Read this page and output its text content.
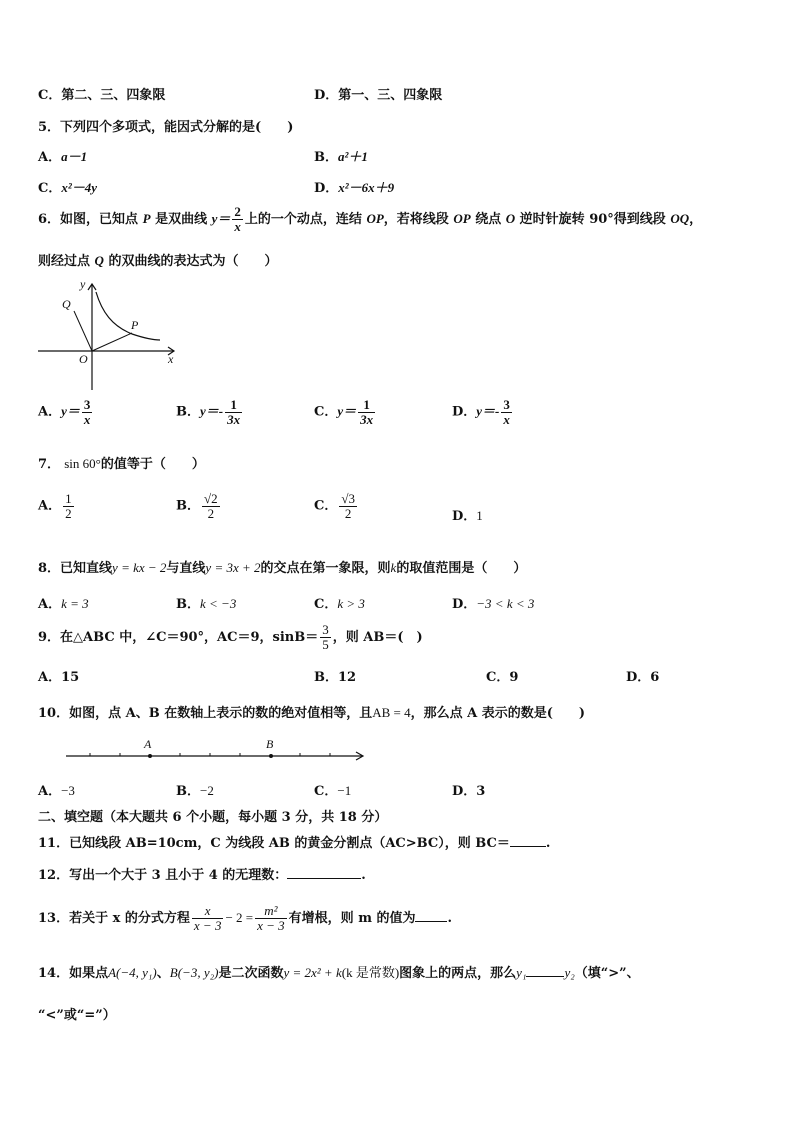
C．第二、三、四象限	D．第一、三、四象限
5．下列四个多项式，能因式分解的是(　　)
A．a－1	B．a²＋1
C．x²－4y	D．x²－6x＋9
6．如图，已知点 P 是双曲线 $y= \frac{2}{x}$ 上的一个动点，连结 OP，若将线段 OP 绕点 O 逆时针旋转 90°得到线段 OQ，
则经过点 Q 的双曲线的表达式为（　　）
y
x
Q
P
O
A．$y= \frac{3}{x}$	B．$y=- \frac{1}{3x}$	C．$y= \frac{1}{3x}$	D．$y=- \frac{3}{x}$
7． sin 60°的值等于（　　）
A． $\frac{1}{2}$	B． $\frac{√2}{2}$	C． $\frac{√3}{2}$	D．1
8．已知直线y = kx − 2与直线y = 3x + 2的交点在第一象限，则k的取值范围是（　　）
A．k = 3	B．k < −3	C．k > 3	D．−3 < k < 3
9．在△ABC 中，∠C＝90°，AC＝9，$\sin B= \frac{3}{5}$ ，则 AB＝(　)
A．15	B．12	C．9	D．6
10．如图，点 A、B 在数轴上表示的数的绝对值相等，且AB = 4，那么点 A 表示的数是(　　)
A	B
A．−3	B．−2	C．−1	D．3
二、填空题（本大题共 6 个小题，每小题 3 分，共 18 分）
11．已知线段 AB=10cm，C 为线段 AB 的黄金分割点（AC>BC），则 BC＝	.
12．写出一个大于 3 且小于 4 的无理数：	.
13．若关于 x 的分式方程 $\frac{x}{x - 3} - 2 = \frac{\text{m²}}{x - 3}$ 有增根，则 m 的值为 .
14．如果点A(−4, y₁)、B(−3, y₂)是二次函数y = 2x² + k(k 是常数)图象上的两点，那么y₁	y₂（填“>”、
“<”或“=”）
